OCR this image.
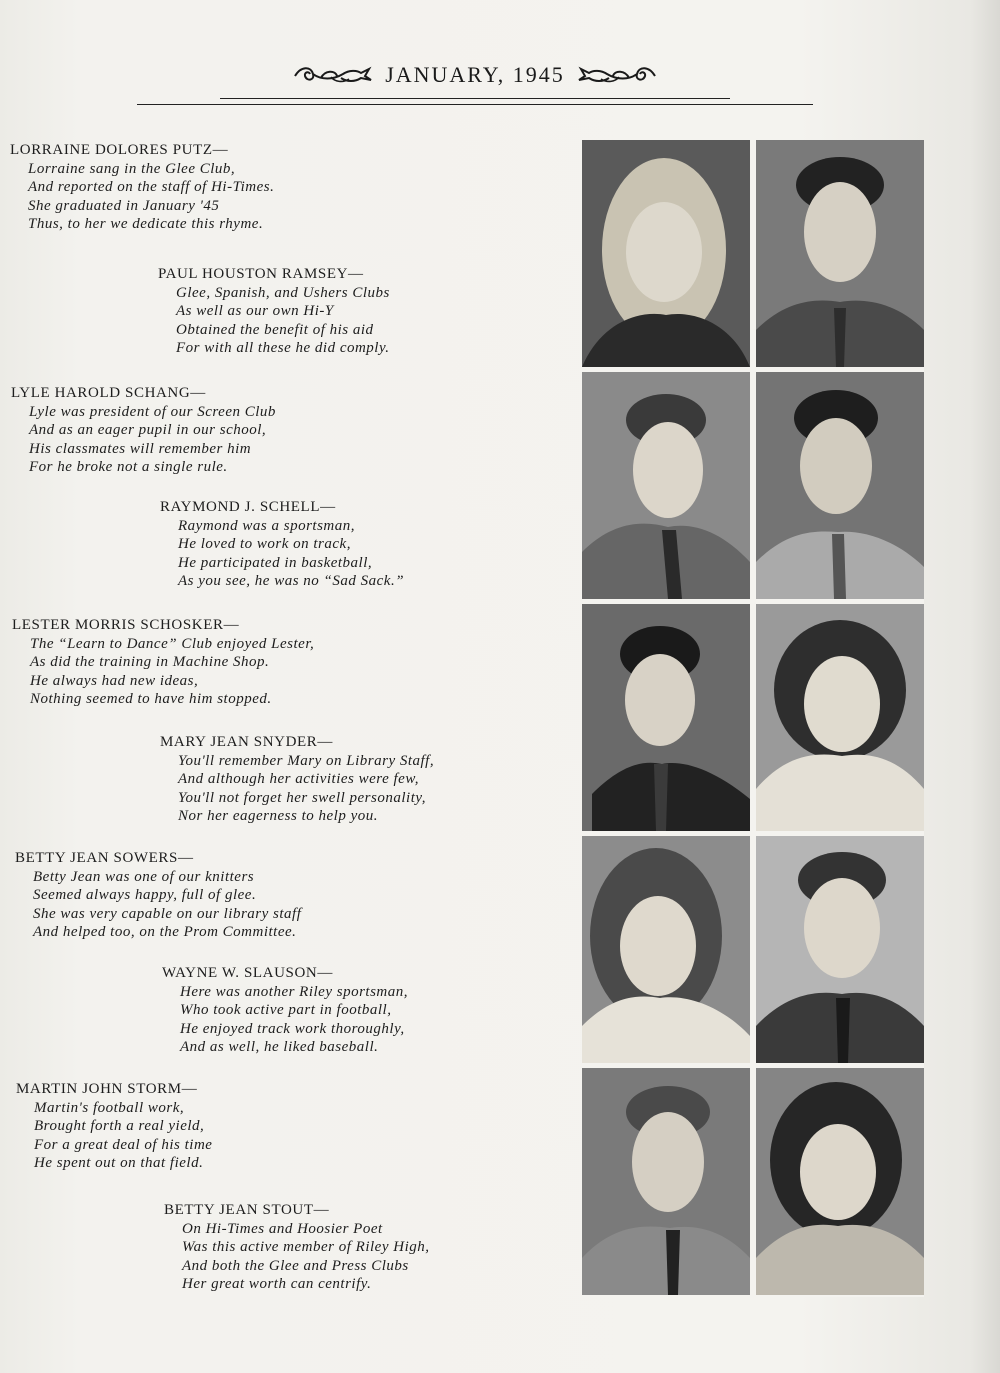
JANUARY, 1945
LORRAINE DOLORES PUTZ—
Lorraine sang in the Glee Club,
And reported on the staff of Hi-Times.
She graduated in January '45
Thus, to her we dedicate this rhyme.
PAUL HOUSTON RAMSEY—
Glee, Spanish, and Ushers Clubs
As well as our own Hi-Y
Obtained the benefit of his aid
For with all these he did comply.
LYLE HAROLD SCHANG—
Lyle was president of our Screen Club
And as an eager pupil in our school,
His classmates will remember him
For he broke not a single rule.
RAYMOND J. SCHELL—
Raymond was a sportsman,
He loved to work on track,
He participated in basketball,
As you see, he was no “Sad Sack.”
LESTER MORRIS SCHOSKER—
The “Learn to Dance” Club enjoyed Lester,
As did the training in Machine Shop.
He always had new ideas,
Nothing seemed to have him stopped.
MARY JEAN SNYDER—
You'll remember Mary on Library Staff,
And although her activities were few,
You'll not forget her swell personality,
Nor her eagerness to help you.
BETTY JEAN SOWERS—
Betty Jean was one of our knitters
Seemed always happy, full of glee.
She was very capable on our library staff
And helped too, on the Prom Committee.
WAYNE W. SLAUSON—
Here was another Riley sportsman,
Who took active part in football,
He enjoyed track work thoroughly,
And as well, he liked baseball.
MARTIN JOHN STORM—
Martin's football work,
Brought forth a real yield,
For a great deal of his time
He spent out on that field.
BETTY JEAN STOUT—
On Hi-Times and Hoosier Poet
Was this active member of Riley High,
And both the Glee and Press Clubs
Her great worth can centrify.
